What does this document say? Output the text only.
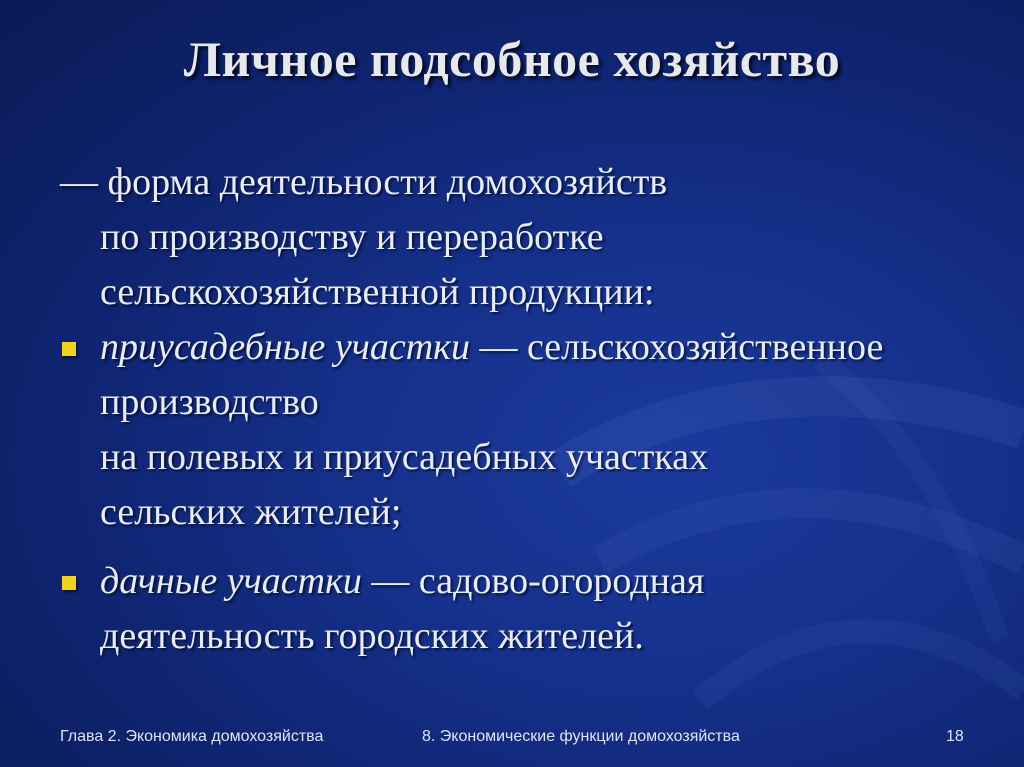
Личное подсобное хозяйство
— форма деятельности домохозяйств
по производству и переработке
сельскохозяйственной продукции:
приусадебные участки — сельскохозяйственное
производство
на полевых и приусадебных участках
сельских жителей;
дачные участки — садово-огородная
деятельность городских жителей.
Глава 2. Экономика домохозяйства	8. Экономические функции домохозяйства	18
